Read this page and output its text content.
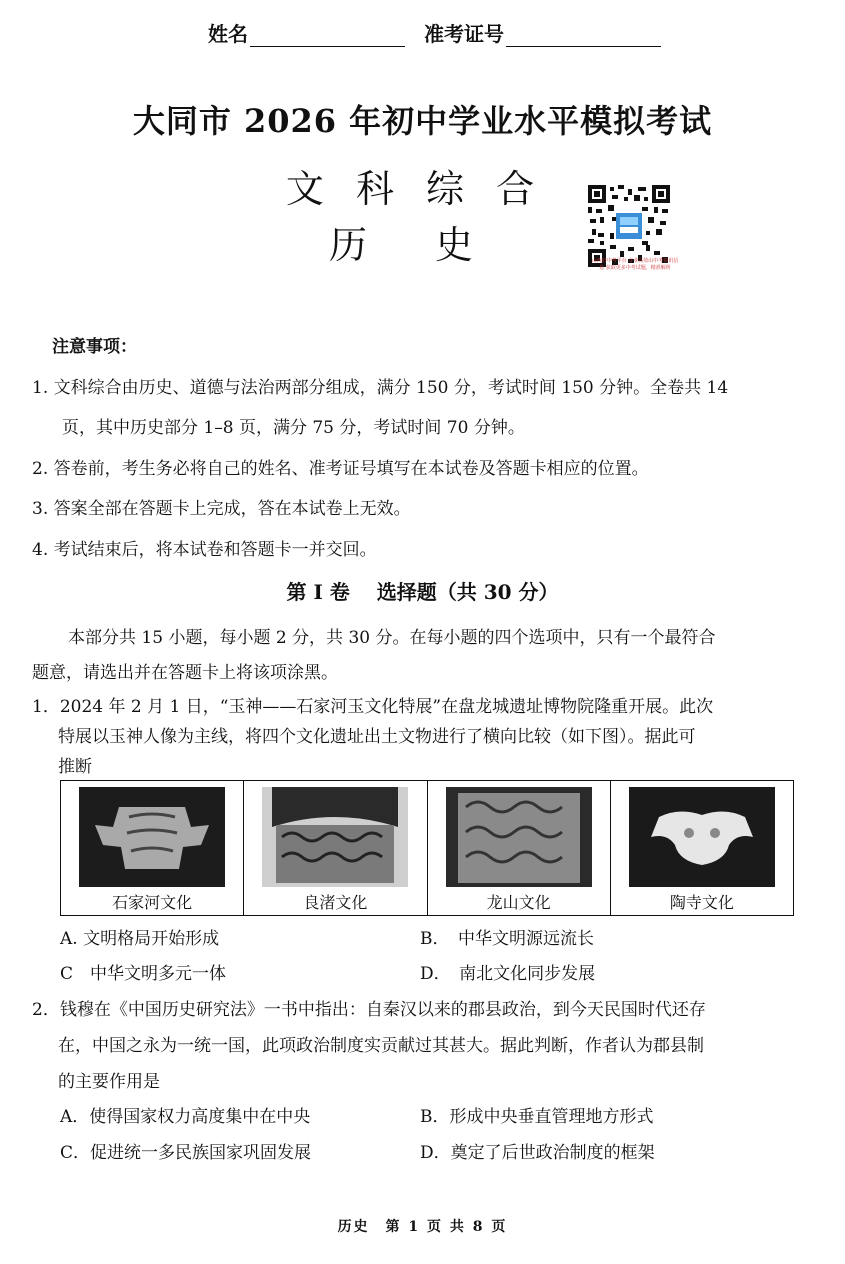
姓名	准考证号
大同市 2026 年初中学业水平模拟考试
文 科 综 合
历 史	山西好中考平台 专业高效山中考资讯信息 获取更多中考试题，精准解析
注意事项：
1. 文科综合由历史、道德与法治两部分组成，满分 150 分，考试时间 150 分钟。全卷共 14
页，其中历史部分 1–8 页，满分 75 分，考试时间 70 分钟。
2. 答卷前，考生务必将自己的姓名、准考证号填写在本试卷及答题卡相应的位置。
3. 答案全部在答题卡上完成，答在本试卷上无效。
4. 考试结束后，将本试卷和答题卡一并交回。
第 I 卷　 选择题（共 30 分）
本部分共 15 小题，每小题 2 分，共 30 分。在每小题的四个选项中，只有一个最符合
题意，请选出并在答题卡上将该项涂黑。
1．2024 年 2 月 1 日，“玉神——石家河玉文化特展”在盘龙城遗址博物院隆重开展。此次
特展以玉神人像为主线，将四个文化遗址出土文物进行了横向比较（如下图）。据此可
推断
石家河文化	良渚文化	龙山文化	陶寺文化
A. 文明格局开始形成	B．　中华文明源远流长
C　中华文明多元一体	D．　南北文化同步发展
2．钱穆在《中国历史研究法》一书中指出：自秦汉以来的郡县政治，到今天民国时代还存
在，中国之永为一统一国，此项政治制度实贡献过其甚大。据此判断，作者认为郡县制
的主要作用是
A．使得国家权力高度集中在中央	B．形成中央垂直管理地方形式
C．促进统一多民族国家巩固发展	D．奠定了后世政治制度的框架
历史　第 1 页 共 8 页
